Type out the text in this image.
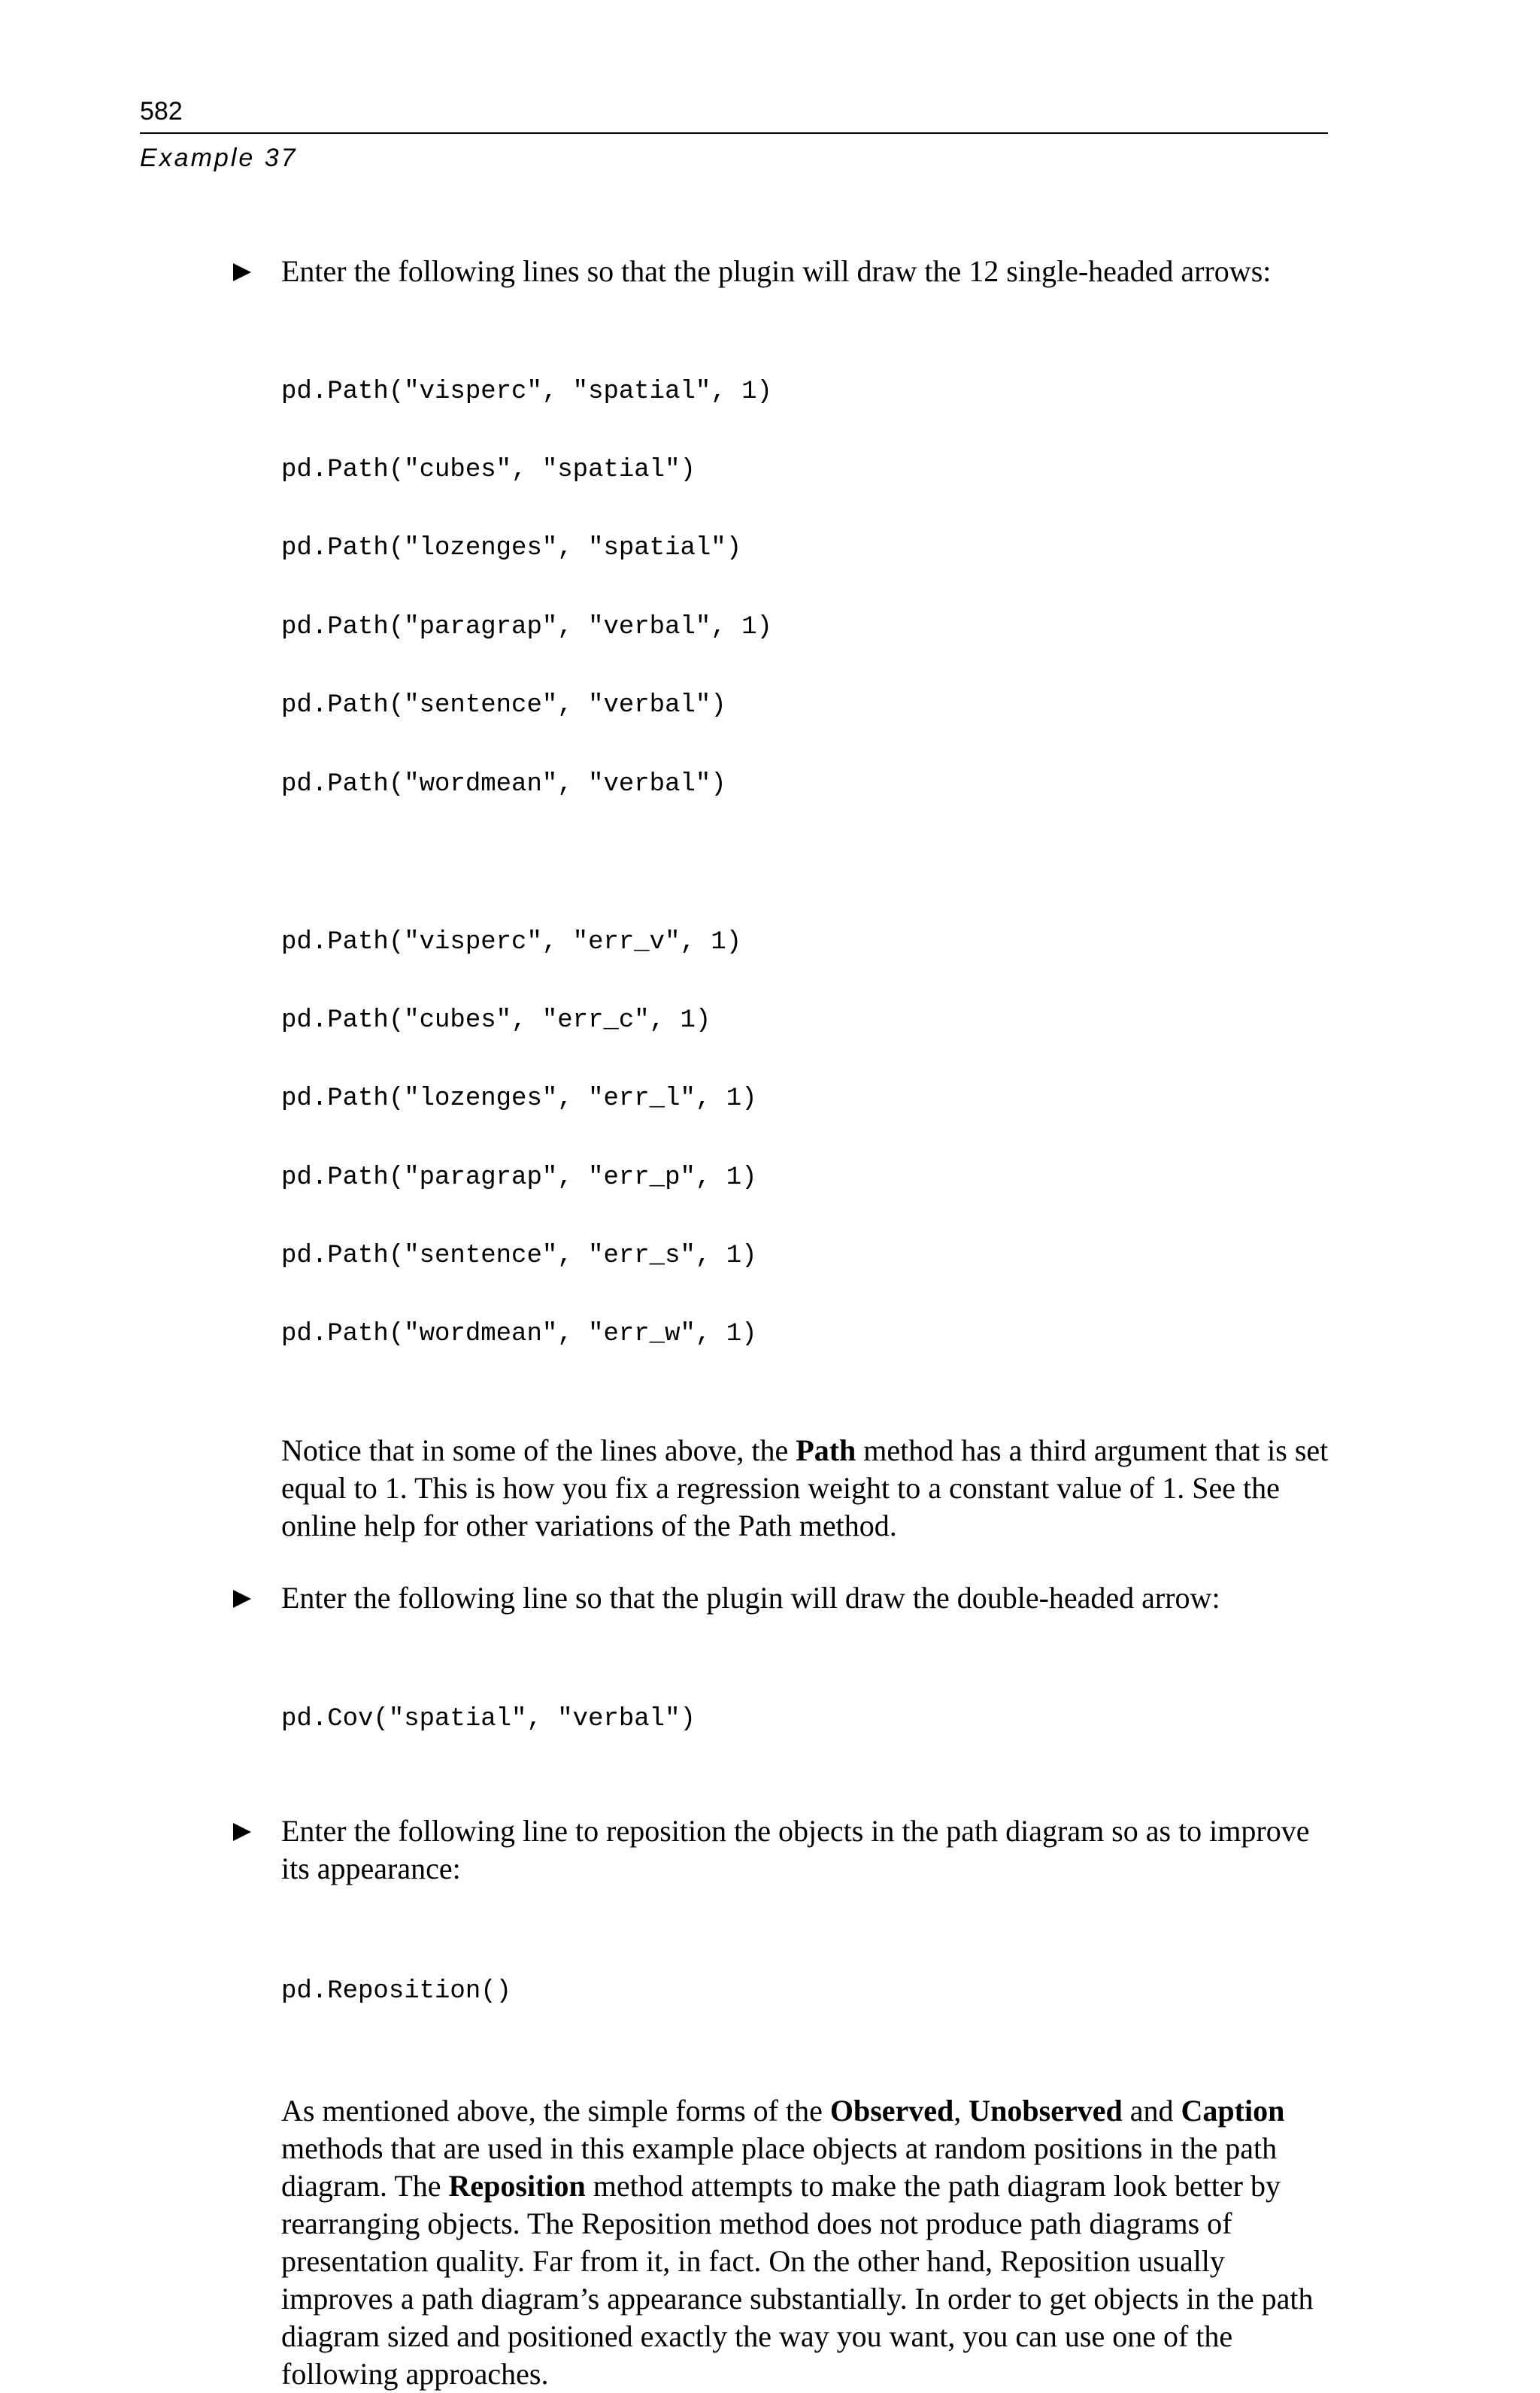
582
Example 37

Enter the following lines so that the plugin will draw the 12 single-headed arrows:

pd.Path("visperc", "spatial", 1)

pd.Path("cubes", "spatial")

pd.Path("lozenges", "spatial")

pd.Path("paragrap", "verbal", 1)

pd.Path("sentence", "verbal")

pd.Path("wordmean", "verbal")

pd.Path("visperc", "err_v", 1)

pd.Path("cubes", "err_c", 1)

pd.Path("lozenges", "err_l", 1)

pd.Path("paragrap", "err_p", 1)

pd.Path("sentence", "err_s", 1)

pd.Path("wordmean", "err_w", 1)

Notice that in some of the lines above, the Path method has a third argument that is set equal to 1. This is how you fix a regression weight to a constant value of 1. See the online help for other variations of the Path method.

Enter the following line so that the plugin will draw the double-headed arrow:

pd.Cov("spatial", "verbal")

Enter the following line to reposition the objects in the path diagram so as to improve its appearance:

pd.Reposition()

As mentioned above, the simple forms of the Observed, Unobserved and Caption methods that are used in this example place objects at random positions in the path diagram. The Reposition method attempts to make the path diagram look better by rearranging objects. The Reposition method does not produce path diagrams of presentation quality. Far from it, in fact. On the other hand, Reposition usually improves a path diagram’s appearance substantially. In order to get objects in the path diagram sized and positioned exactly the way you want, you can use one of the following approaches.
